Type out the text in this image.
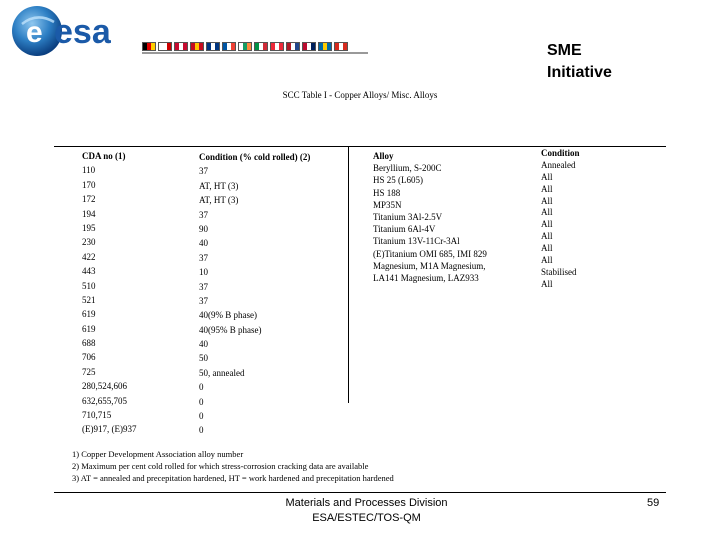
e esa	SME
Initiative
SCC Table I - Copper Alloys/ Misc. Alloys
CDA no (1)
110
170
172
194
195
230
422
443
510
521
619
619
688
706
725
280,524,606
632,655,705
710,715
(E)917, (E)937
Condition (% cold rolled) (2)
37
AT, HT (3)
AT, HT (3)
37
90
40
37
10
37
37
40(9% B phase)
40(95% B phase)
40
50
50, annealed
0
0
0
0
Alloy
Beryllium, S-200C
HS 25 (L605)
HS 188
MP35N
Titanium 3Al-2.5V
Titanium 6Al-4V
Titanium 13V-11Cr-3Al
(E)Titanium OMI 685, IMI 829
Magnesium, M1A Magnesium,
LA141 Magnesium, LAZ933
Condition
Annealed
All
All
All
All
All
All
All
All
Stabilised
All
1) Copper Development Association alloy number
2) Maximum per cent cold rolled for which stress-corrosion cracking data are available
3) AT = annealed and precepitation hardened, HT = work hardened and precepitation hardened
Materials and Processes Division
ESA/ESTEC/TOS-QM
59
